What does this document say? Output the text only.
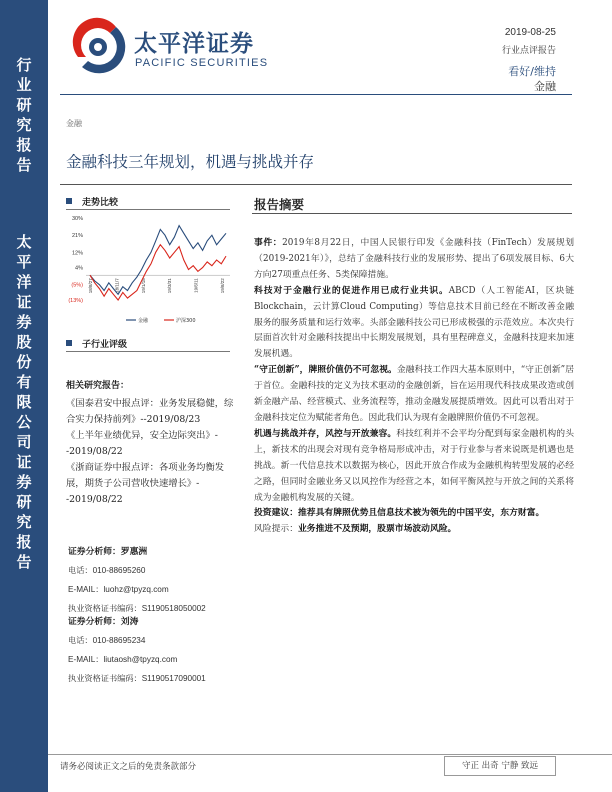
行
业
研
究
报
告
太
平
洋
证
券
股
份
有
限
公
司
证
券
研
究
报
告
太平洋证券
PACIFIC SECURITIES
2019-08-25
行业点评报告
看好/维持
金融
金融
金融科技三年规划，机遇与挑战并存
走势比较
30%
21%
12%
4%
(5%)
(13%)
18/8/27	18/11/7	19/1/18	19/3/31	19/6/11	19/8/22
金融	沪深300
子行业评级
相关研究报告：
《国泰君安中报点评：业务发展稳健，综合实力保持前列》--2019/08/23
《上半年业绩优异，安全边际突出》--2019/08/22
《浙商证券中报点评：各项业务均衡发展，期货子公司营收快速增长》--2019/08/22
证券分析师：罗惠洲
电话：010-88695260
E-MAIL：luohz@tpyzq.com
执业资格证书编码：S1190518050002
证券分析师：刘涛
电话：010-88695234
E-MAIL：liutaosh@tpyzq.com
执业资格证书编码：S1190517090001
报告摘要

事件：2019年8月22日，中国人民银行印发《金融科技（FinTech）发展规划（2019-2021年）》，总结了金融科技行业的发展形势、提出了6项发展目标、6大方向27项重点任务、5类保障措施。

科技对于金融行业的促进作用已成行业共识。ABCD（人工智能AI，区块链Blockchain，云计算Cloud Computing）等信息技术目前已经在不断改善金融服务的服务质量和运行效率。头部金融科技公司已形成极强的示范效应。本次央行层面首次针对金融科技提出中长期发展规划，具有里程碑意义，金融科技迎来加速发展机遇。

“守正创新”，牌照价值仍不可忽视。金融科技工作四大基本原则中，“守正创新”居于首位。金融科技的定义为技术驱动的金融创新，旨在运用现代科技成果改造或创新金融产品、经营模式、业务流程等，推动金融发展提质增效。因此可以看出对于金融科技定位为赋能者角色。因此我们认为现有金融牌照价值仍不可忽视。

机遇与挑战并存，风控与开放兼容。科技红利并不会平均分配到每家金融机构的头上，新技术的出现会对现有竞争格局形成冲击，对于行业参与者来说既是机遇也是挑战。新一代信息技术以数据为核心，因此开放合作成为金融机构转型发展的必经之路，但同时金融业务又以风控作为经营之本，如何平衡风控与开放之间的关系将成为金融机构发展的关键。

投资建议：推荐具有牌照优势且信息技术被为领先的中国平安，东方财富。

风险提示：业务推进不及预期，股票市场波动风险。

请务必阅读正文之后的免责条款部分	守正 出奇 宁静 致远
